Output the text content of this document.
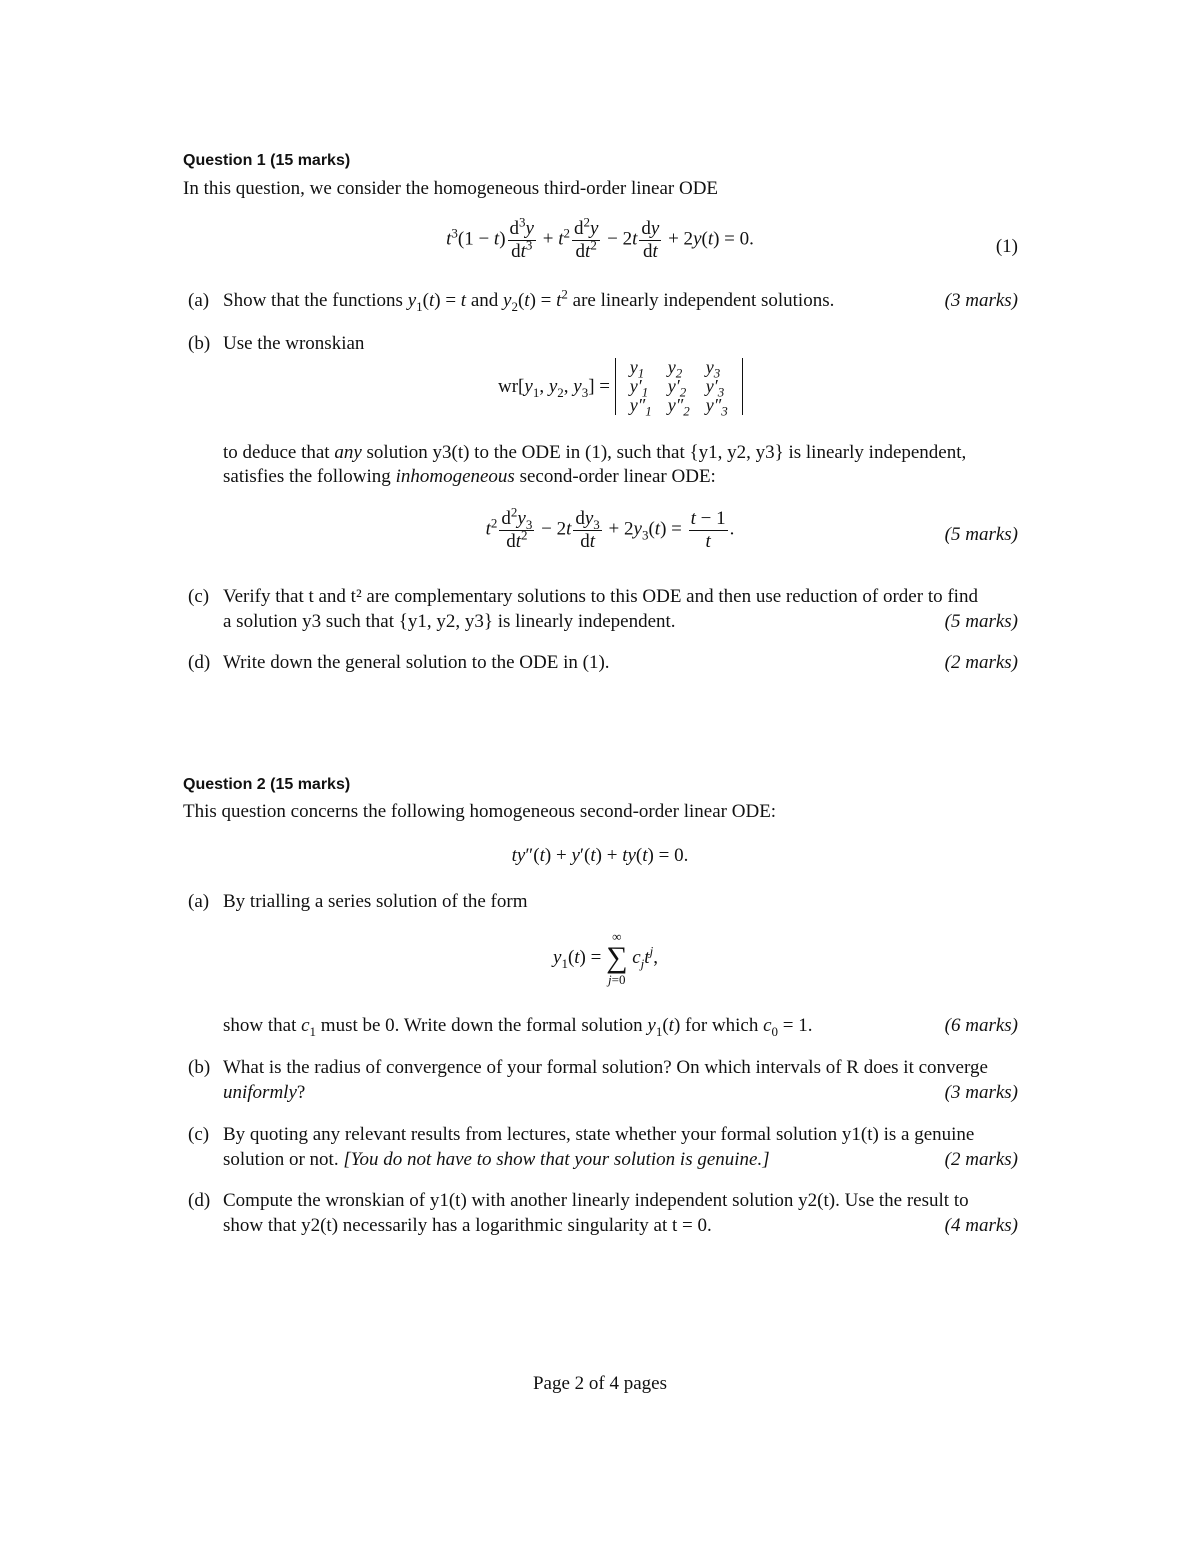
Question 1 (15 marks)
In this question, we consider the homogeneous third-order linear ODE
$t^3(1 - t) \frac{d^3y}{dt^3} + t^2 \frac{d^2y}{dt^2} - 2t \frac{dy}{dt} + 2y(t) = 0$.	(1)
(a) Show that the functions $y_1(t) = t$ and $y_2(t) = t^2$ are linearly independent solutions.	(3 marks)
(b) Use the wronskian
$wr[y_1$, $y_2$, $y_3$] =
$y_1$	$y_2$	$y_3$
$y'_1$	$y'_2$	$y'_3$
$y''_1$	$y''_2$	$y''_3$
to deduce that any solution y3(t) to the ODE in (1), such that {y1, y2, y3} is linearly independent,
satisfies the following inhomogeneous second-order linear ODE:
$t^2 \frac{d^2y_3}{dt^2} - 2t \frac{dy_3}{dt} + 2y_3(t) = \frac{t - 1}{t}$ .	(5 marks)
(c) Verify that t and t² are complementary solutions to this ODE and then use reduction of order to find
a solution y3 such that {y1, y2, y3} is linearly independent.	(5 marks)
(d) Write down the general solution to the ODE in (1).	(2 marks)
Question 2 (15 marks)
This question concerns the following homogeneous second-order linear ODE:
ty″(t) + y′(t) + ty(t) = 0.
(a) By trialling a series solution of the form
$y_1(t)$ =
∞
∑
j=0
$c_jt^j$,
show that $c_1$ must be 0. Write down the formal solution $y_1(t)$ for which $c_0 = 1$.	(6 marks)
(b) What is the radius of convergence of your formal solution? On which intervals of R does it converge
uniformly?	(3 marks)
(c) By quoting any relevant results from lectures, state whether your formal solution y1(t) is a genuine
solution or not. [You do not have to show that your solution is genuine.]	(2 marks)
(d) Compute the wronskian of y1(t) with another linearly independent solution y2(t). Use the result to
show that y2(t) necessarily has a logarithmic singularity at t = 0.	(4 marks)
Page 2 of 4 pages
